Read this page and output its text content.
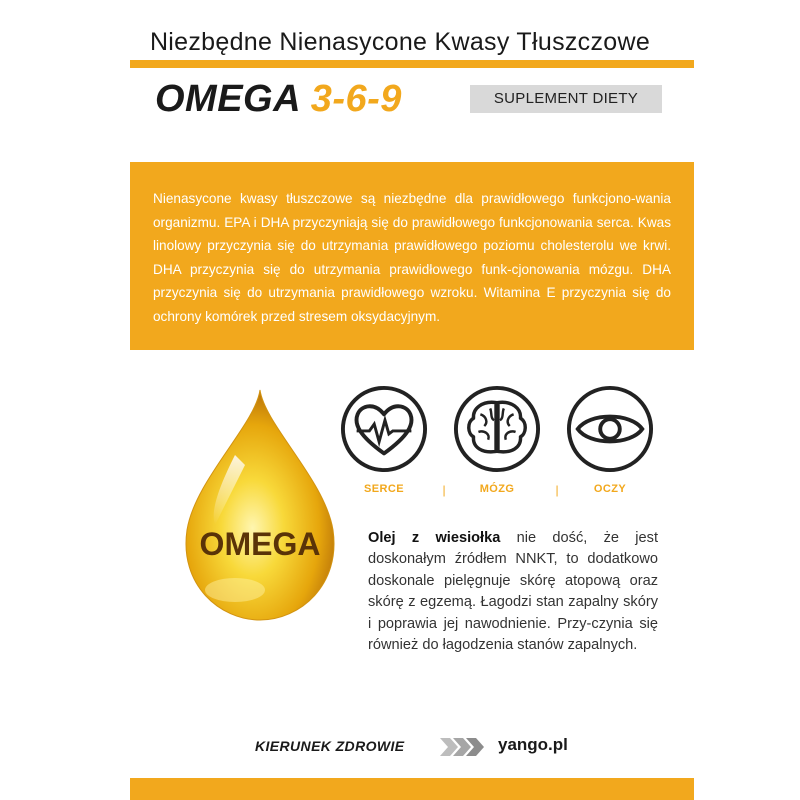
Niezbędne Nienasycone Kwasy Tłuszczowe
OMEGA 3-6-9	SUPLEMENT DIETY
Nienasycone kwasy tłuszczowe są niezbędne dla prawidłowego funkcjono-wania organizmu. EPA i DHA przyczyniają się do prawidłowego funkcjonowania serca. Kwas linolowy przyczynia się do utrzymania prawidłowego poziomu cholesterolu we krwi. DHA przyczynia się do utrzymania prawidłowego funk-cjonowania mózgu. DHA przyczynia się do utrzymania prawidłowego wzroku. Witamina E przyczynia się do ochrony komórek przed stresem oksydacyjnym.
OMEGA
SERCE	|	MÓZG	|	OCZY
Olej z wiesiołka nie dość, że jest doskonałym źródłem NNKT, to dodatkowo doskonale pielęgnuje skórę atopową oraz skórę z egzemą. Łagodzi stan zapalny skóry i poprawia jej nawodnienie. Przy-czynia się również do łagodzenia stanów zapalnych.
KIERUNEK ZDROWIE	yango.pl
